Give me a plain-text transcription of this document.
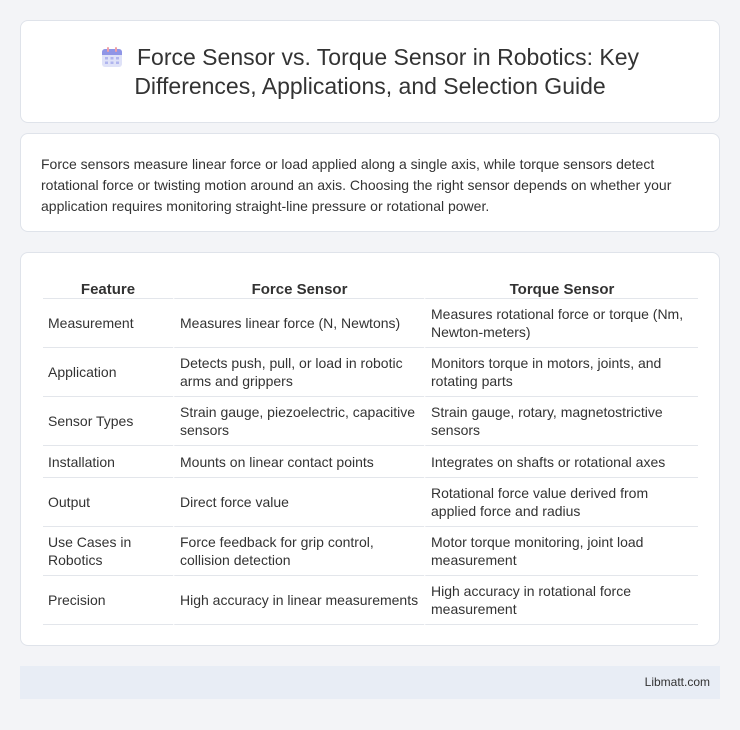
Force Sensor vs. Torque Sensor in Robotics: Key Differences, Applications, and Selection Guide

Force sensors measure linear force or load applied along a single axis, while torque sensors detect rotational force or twisting motion around an axis. Choosing the right sensor depends on whether your application requires monitoring straight-line pressure or rotational power.

Feature	Force Sensor	Torque Sensor
Measurement	Measures linear force (N, Newtons)	Measures rotational force or torque (Nm, Newton-meters)
Application	Detects push, pull, or load in robotic arms and grippers	Monitors torque in motors, joints, and rotating parts
Sensor Types	Strain gauge, piezoelectric, capacitive sensors	Strain gauge, rotary, magnetostrictive sensors
Installation	Mounts on linear contact points	Integrates on shafts or rotational axes
Output	Direct force value	Rotational force value derived from applied force and radius
Use Cases in Robotics	Force feedback for grip control, collision detection	Motor torque monitoring, joint load measurement
Precision	High accuracy in linear measurements	High accuracy in rotational force measurement
Libmatt.com
